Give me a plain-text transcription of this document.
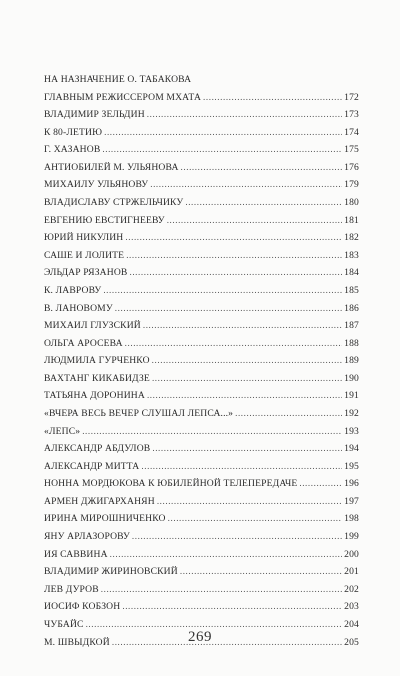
НА НАЗНАЧЕНИЕ О. ТАБАКОВА
ГЛАВНЫМ РЕЖИССЕРОМ МХАТА .....	172
ВЛАДИМИР ЗЕЛЬДИН .....	173
К 80-ЛЕТИЮ .....	174
Г. ХАЗАНОВ .....	175
АНТИОБИЛЕЙ М. УЛЬЯНОВА .....	176
МИХАИЛУ УЛЬЯНОВУ .....	179
ВЛАДИСЛАВУ СТРЖЕЛЬЧИКУ .....	180
ЕВГЕНИЮ ЕВСТИГНЕЕВУ .....	181
ЮРИЙ НИКУЛИН .....	182
САШЕ И ЛОЛИТЕ .....	183
ЭЛЬДАР РЯЗАНОВ .....	184
К. ЛАВРОВУ .....	185
В. ЛАНОВОМУ .....	186
МИХАИЛ ГЛУЗСКИЙ .....	187
ОЛЬГА АРОСЕВА .....	188
ЛЮДМИЛА ГУРЧЕНКО .....	189
ВАХТАНГ КИКАБИДЗЕ .....	190
ТАТЬЯНА ДОРОНИНА .....	191
«ВЧЕРА ВЕСЬ ВЕЧЕР СЛУШАЛ ЛЕПСА...» .....	192
«ЛЕПС» .....	193
АЛЕКСАНДР АБДУЛОВ .....	194
АЛЕКСАНДР МИТТА .....	195
НОННА МОРДЮКОВА К ЮБИЛЕЙНОЙ ТЕЛЕПЕРЕДАЧЕ .....	196
АРМЕН ДЖИГАРХАНЯН .....	197
ИРИНА МИРОШНИЧЕНКО .....	198
ЯНУ АРЛАЗОРОВУ .....	199
ИЯ САВВИНА .....	200
ВЛАДИМИР ЖИРИНОВСКИЙ .....	201
ЛЕВ ДУРОВ .....	202
ИОСИФ КОБЗОН .....	203
ЧУБАЙС .....	204
М. ШВЫДКОЙ .....	205
269
